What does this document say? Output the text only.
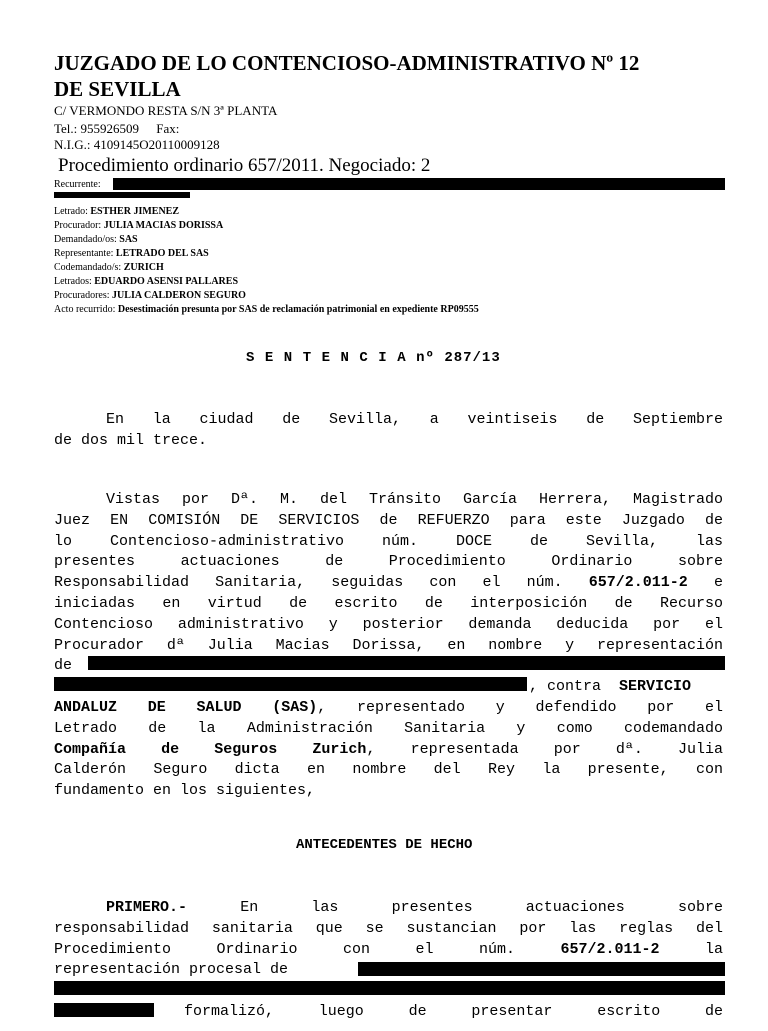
JUZGADO DE LO CONTENCIOSO-ADMINISTRATIVO Nº 12
DE SEVILLA
C/ VERMONDO RESTA S/N 3ª PLANTA
Tel.: 955926509 Fax:
N.I.G.: 4109145O20110009128
Procedimiento ordinario 657/2011. Negociado: 2
Recurrente:
Letrado: ESTHER JIMENEZ
Procurador: JULIA MACIAS DORISSA
Demandado/os: SAS
Representante: LETRADO DEL SAS
Codemandado/s: ZURICH
Letrados: EDUARDO ASENSI PALLARES
Procuradores: JULIA CALDERON SEGURO
Acto recurrido: Desestimación presunta por SAS de reclamación patrimonial en expediente RP09555
SENTENCIAnº 287/13
En la ciudad de Sevilla, a veintiseis de Septiembre
de dos mil trece.
Vistas por Dª. M. del Tránsito García Herrera, Magistrado
Juez EN COMISIÓN DE SERVICIOS de REFUERZO para este Juzgado de
lo Contencioso-administrativo núm. DOCE de Sevilla, las
presentes actuaciones de Procedimiento Ordinario sobre
Responsabilidad Sanitaria, seguidas con el núm. 657/2.011-2 e
iniciadas en virtud de escrito de interposición de Recurso
Contencioso administrativo y posterior demanda deducida por el
Procurador dª Julia Macias Dorissa, en nombre y representación
de
, contra SERVICIO
ANDALUZ DE SALUD (SAS), representado y defendido por el
Letrado de la Administración Sanitaria y como codemandado
Compañía de Seguros Zurich, representada por dª. Julia
Calderón Seguro dicta en nombre del Rey la presente, con
fundamento en los siguientes,
ANTECEDENTES DE HECHO
PRIMERO.-	En las presentes actuaciones sobre
responsabilidad sanitaria que se sustancian por las reglas del
Procedimiento Ordinario con el núm.	657/2.011-2	la
representación procesal de
formalizó, luego de presentar escrito de
